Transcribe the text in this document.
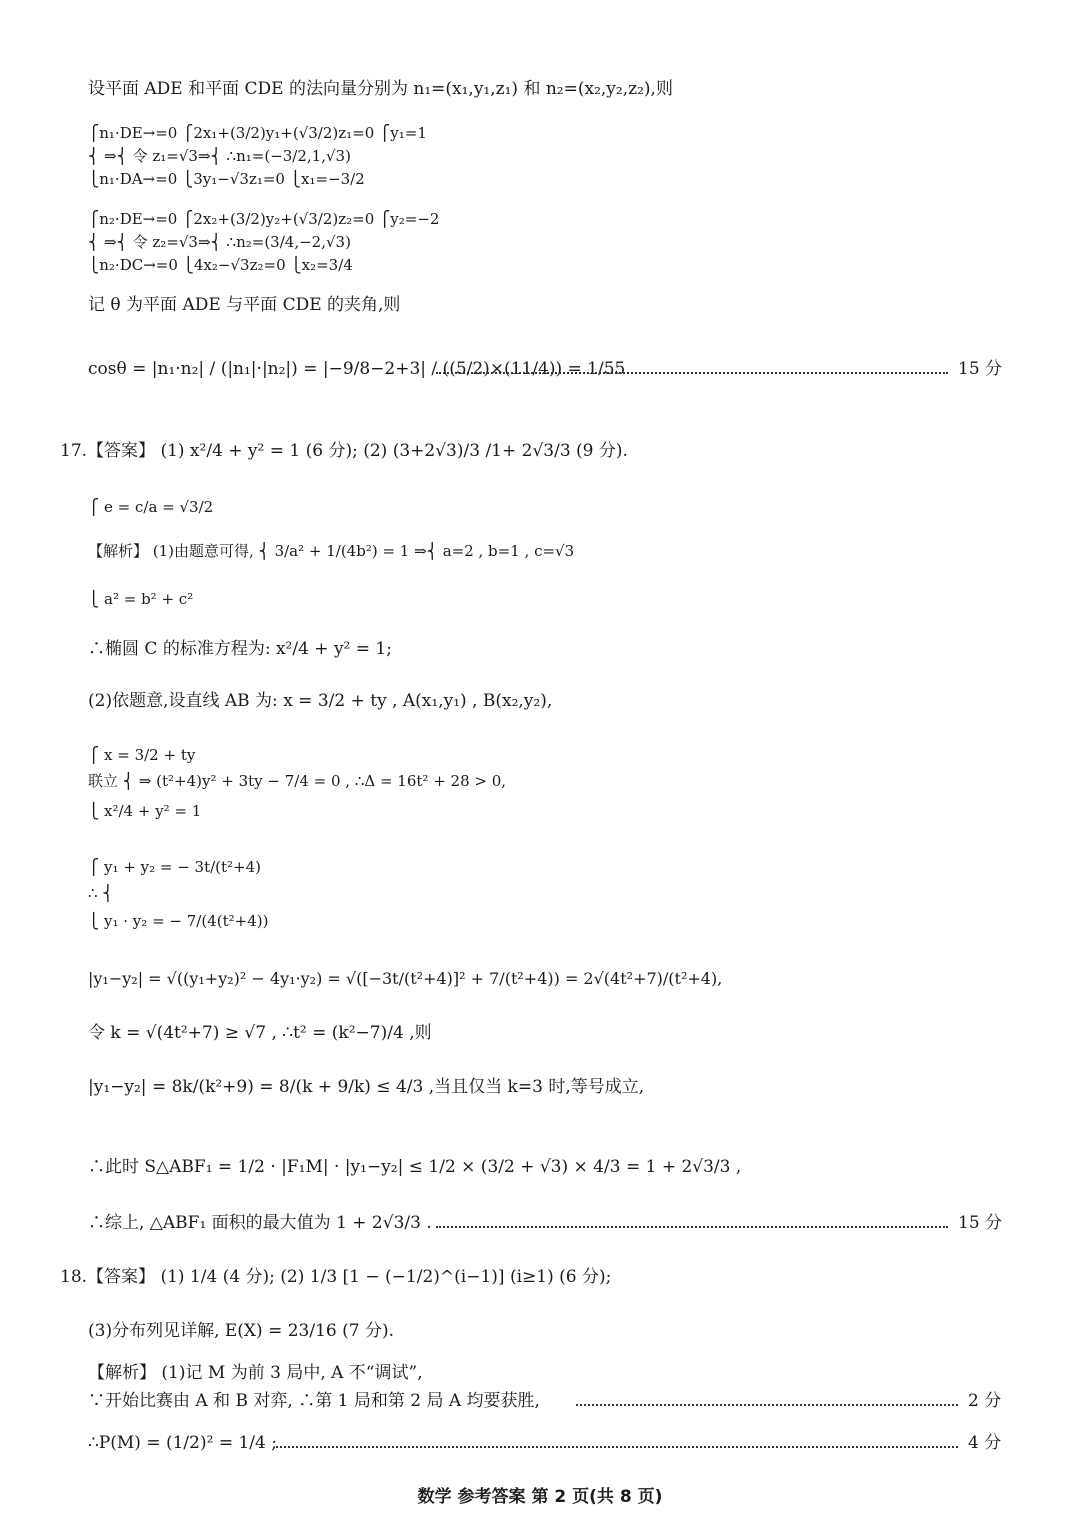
设平面 ADE 和平面 CDE 的法向量分别为 n₁=(x₁,y₁,z₁) 和 n₂=(x₂,y₂,z₂),则
⎧n₁·DE→=0 ⎧2x₁+(3/2)y₁+(√3/2)z₁=0 ⎧y₁=1
⎨ ⇒⎨ 令 z₁=√3⇒⎨ ∴n₁=(−3/2,1,√3)
⎩n₁·DA→=0 ⎩3y₁−√3z₁=0 ⎩x₁=−3/2
⎧n₂·DE→=0 ⎧2x₂+(3/2)y₂+(√3/2)z₂=0 ⎧y₂=−2
⎨ ⇒⎨ 令 z₂=√3⇒⎨ ∴n₂=(3/4,−2,√3)
⎩n₂·DC→=0 ⎩4x₂−√3z₂=0 ⎩x₂=3/4
记 θ 为平面 ADE 与平面 CDE 的夹角,则
cosθ = |n₁·n₂| / (|n₁|·|n₂|) = |−9/8−2+3| / ((5/2)×(11/4)) = 1/55.	15 分
17.【答案】 (1) x²/4 + y² = 1 (6 分); (2) (3+2√3)/3 /1+ 2√3/3 (9 分).
⎧ e = c/a = √3/2
【解析】 (1)由题意可得, ⎨ 3/a² + 1/(4b²) = 1 ⇒⎨ a=2 , b=1 , c=√3
⎩ a² = b² + c²
∴椭圆 C 的标准方程为: x²/4 + y² = 1;
(2)依题意,设直线 AB 为: x = 3/2 + ty , A(x₁,y₁) , B(x₂,y₂),
⎧ x = 3/2 + ty
联立 ⎨ ⇒ (t²+4)y² + 3ty − 7/4 = 0 , ∴Δ = 16t² + 28 > 0,
⎩ x²/4 + y² = 1
⎧ y₁ + y₂ = − 3t/(t²+4)
∴ ⎨
⎩ y₁ · y₂ = − 7/(4(t²+4))
|y₁−y₂| = √((y₁+y₂)² − 4y₁·y₂) = √([−3t/(t²+4)]² + 7/(t²+4)) = 2√(4t²+7)/(t²+4),
令 k = √(4t²+7) ≥ √7 , ∴t² = (k²−7)/4 ,则
|y₁−y₂| = 8k/(k²+9) = 8/(k + 9/k) ≤ 4/3 ,当且仅当 k=3 时,等号成立,
∴此时 S△ABF₁ = 1/2 · |F₁M| · |y₁−y₂| ≤ 1/2 × (3/2 + √3) × 4/3 = 1 + 2√3/3 ,
∴综上, △ABF₁ 面积的最大值为 1 + 2√3/3 .	15 分
18.【答案】 (1) 1/4 (4 分); (2) 1/3 [1 − (−1/2)^(i−1)] (i≥1) (6 分);
(3)分布列见详解, E(X) = 23/16 (7 分).
【解析】 (1)记 M 为前 3 局中, A 不“调试”,
∵开始比赛由 A 和 B 对弈, ∴第 1 局和第 2 局 A 均要获胜,	2 分
∴P(M) = (1/2)² = 1/4 ;	4 分
数学 参考答案 第 2 页(共 8 页)
